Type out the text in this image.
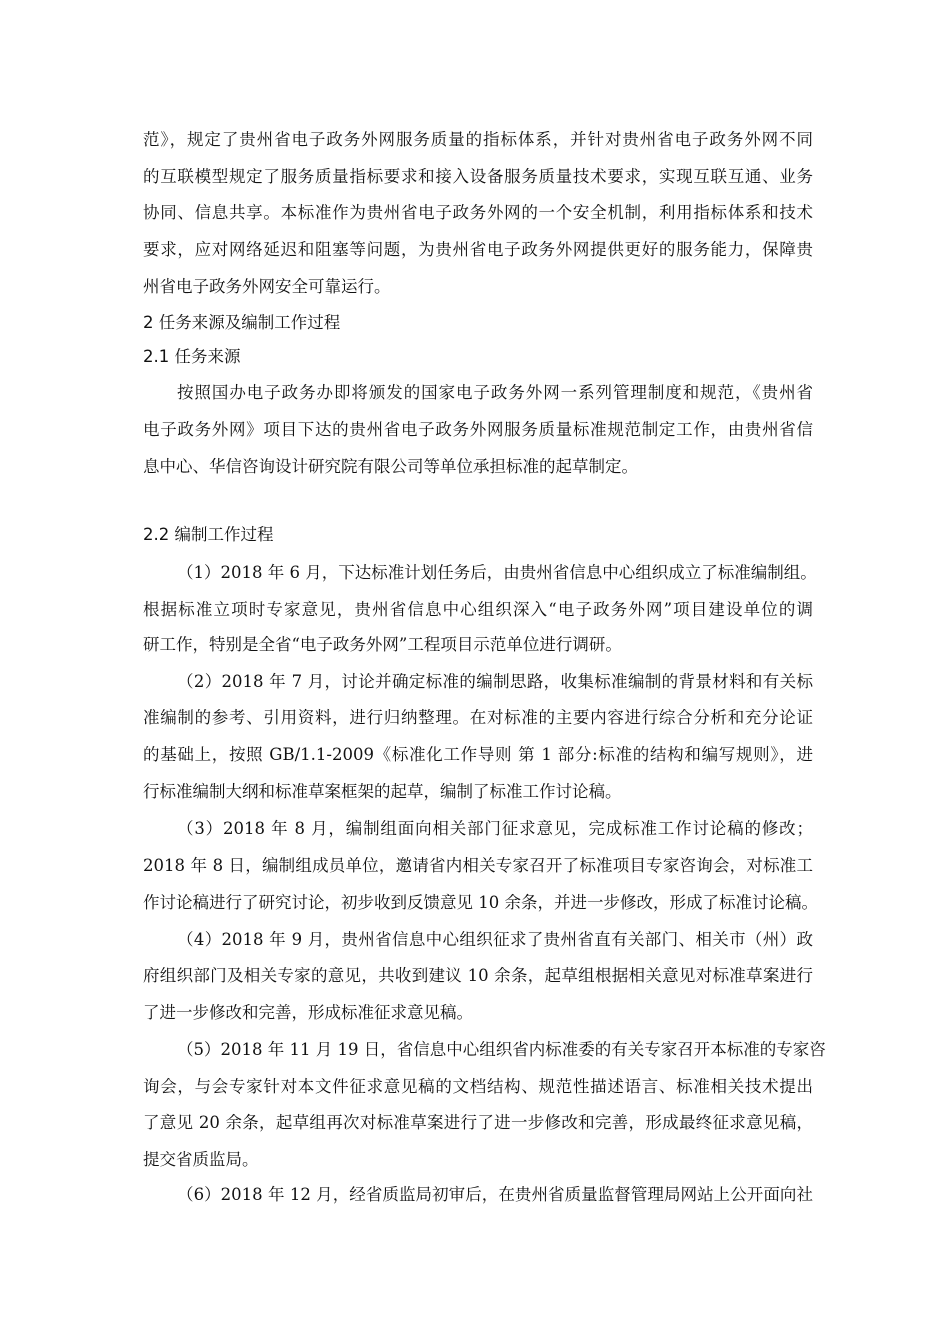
范》，规定了贵州省电子政务外网服务质量的指标体系，并针对贵州省电子政务外网不同
的互联模型规定了服务质量指标要求和接入设备服务质量技术要求，实现互联互通、业务
协同、信息共享。本标准作为贵州省电子政务外网的一个安全机制，利用指标体系和技术
要求，应对网络延迟和阻塞等问题，为贵州省电子政务外网提供更好的服务能力，保障贵
州省电子政务外网安全可靠运行。
2 任务来源及编制工作过程
2.1 任务来源
按照国办电子政务办即将颁发的国家电子政务外网一系列管理制度和规范，《贵州省
电子政务外网》项目下达的贵州省电子政务外网服务质量标准规范制定工作，由贵州省信
息中心、华信咨询设计研究院有限公司等单位承担标准的起草制定。
2.2 编制工作过程
（1）2018 年 6 月，下达标准计划任务后，由贵州省信息中心组织成立了标准编制组。
根据标准立项时专家意见，贵州省信息中心组织深入“电子政务外网”项目建设单位的调
研工作，特别是全省“电子政务外网”工程项目示范单位进行调研。
（2）2018 年 7 月，讨论并确定标准的编制思路，收集标准编制的背景材料和有关标
准编制的参考、引用资料，进行归纳整理。在对标准的主要内容进行综合分析和充分论证
的基础上，按照 GB/1.1-2009《标准化工作导则 第 1 部分:标准的结构和编写规则》，进
行标准编制大纲和标准草案框架的起草，编制了标准工作讨论稿。
（3）2018 年 8 月，编制组面向相关部门征求意见，完成标准工作讨论稿的修改；
2018 年 8 日，编制组成员单位，邀请省内相关专家召开了标准项目专家咨询会，对标准工
作讨论稿进行了研究讨论，初步收到反馈意见 10 余条，并进一步修改，形成了标准讨论稿。
（4）2018 年 9 月，贵州省信息中心组织征求了贵州省直有关部门、相关市（州）政
府组织部门及相关专家的意见，共收到建议 10 余条，起草组根据相关意见对标准草案进行
了进一步修改和完善，形成标准征求意见稿。
（5）2018 年 11 月 19 日，省信息中心组织省内标准委的有关专家召开本标准的专家咨
询会，与会专家针对本文件征求意见稿的文档结构、规范性描述语言、标准相关技术提出
了意见 20 余条，起草组再次对标准草案进行了进一步修改和完善，形成最终征求意见稿，
提交省质监局。
（6）2018 年 12 月，经省质监局初审后，在贵州省质量监督管理局网站上公开面向社
